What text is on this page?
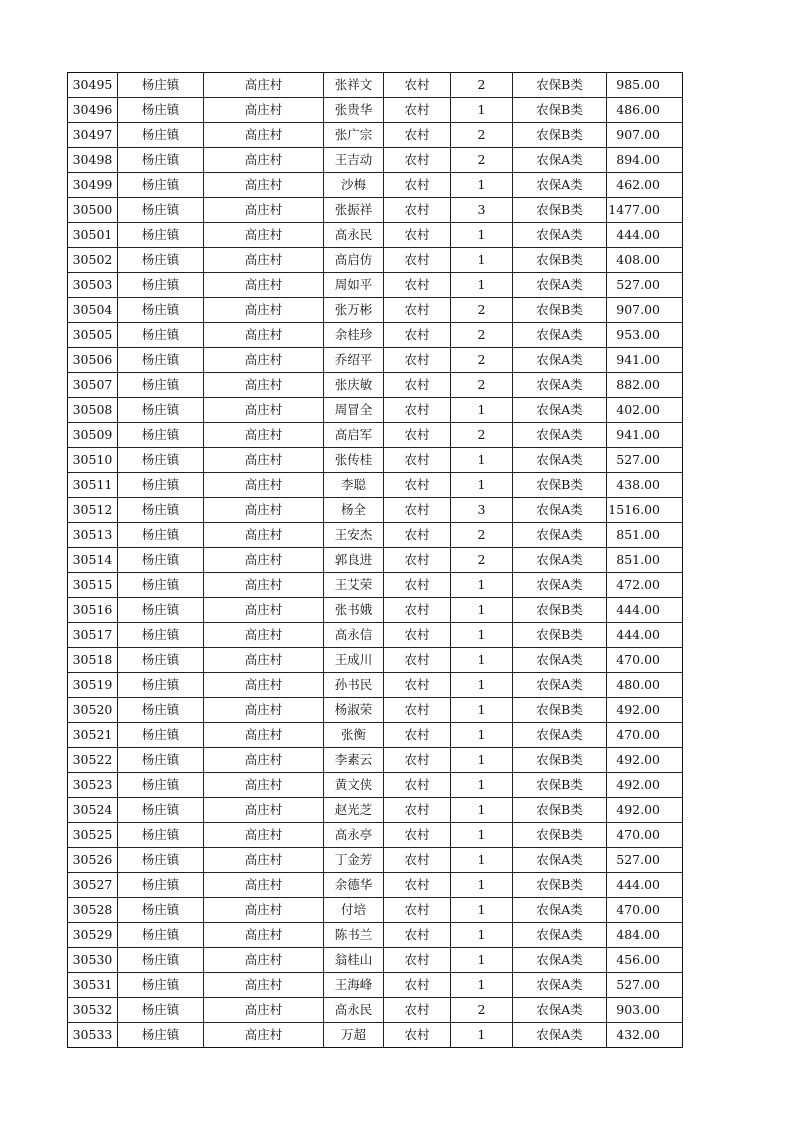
30495	杨庄镇	高庄村	张祥文	农村	2	农保B类	985.00
30496	杨庄镇	高庄村	张贵华	农村	1	农保B类	486.00
30497	杨庄镇	高庄村	张广宗	农村	2	农保B类	907.00
30498	杨庄镇	高庄村	王吉动	农村	2	农保A类	894.00
30499	杨庄镇	高庄村	沙梅	农村	1	农保A类	462.00
30500	杨庄镇	高庄村	张振祥	农村	3	农保B类	1477.00
30501	杨庄镇	高庄村	高永民	农村	1	农保A类	444.00
30502	杨庄镇	高庄村	高启仿	农村	1	农保B类	408.00
30503	杨庄镇	高庄村	周如平	农村	1	农保A类	527.00
30504	杨庄镇	高庄村	张万彬	农村	2	农保B类	907.00
30505	杨庄镇	高庄村	余桂珍	农村	2	农保A类	953.00
30506	杨庄镇	高庄村	乔绍平	农村	2	农保A类	941.00
30507	杨庄镇	高庄村	张庆敏	农村	2	农保A类	882.00
30508	杨庄镇	高庄村	周冒全	农村	1	农保A类	402.00
30509	杨庄镇	高庄村	高启军	农村	2	农保A类	941.00
30510	杨庄镇	高庄村	张传桂	农村	1	农保A类	527.00
30511	杨庄镇	高庄村	李聪	农村	1	农保B类	438.00
30512	杨庄镇	高庄村	杨全	农村	3	农保A类	1516.00
30513	杨庄镇	高庄村	王安杰	农村	2	农保A类	851.00
30514	杨庄镇	高庄村	郭良进	农村	2	农保A类	851.00
30515	杨庄镇	高庄村	王艾荣	农村	1	农保A类	472.00
30516	杨庄镇	高庄村	张书娥	农村	1	农保B类	444.00
30517	杨庄镇	高庄村	高永信	农村	1	农保B类	444.00
30518	杨庄镇	高庄村	王成川	农村	1	农保A类	470.00
30519	杨庄镇	高庄村	孙书民	农村	1	农保A类	480.00
30520	杨庄镇	高庄村	杨淑荣	农村	1	农保B类	492.00
30521	杨庄镇	高庄村	张衡	农村	1	农保A类	470.00
30522	杨庄镇	高庄村	李素云	农村	1	农保B类	492.00
30523	杨庄镇	高庄村	黄文侠	农村	1	农保B类	492.00
30524	杨庄镇	高庄村	赵光芝	农村	1	农保B类	492.00
30525	杨庄镇	高庄村	高永亭	农村	1	农保B类	470.00
30526	杨庄镇	高庄村	丁金芳	农村	1	农保A类	527.00
30527	杨庄镇	高庄村	余德华	农村	1	农保B类	444.00
30528	杨庄镇	高庄村	付培	农村	1	农保A类	470.00
30529	杨庄镇	高庄村	陈书兰	农村	1	农保A类	484.00
30530	杨庄镇	高庄村	翁桂山	农村	1	农保A类	456.00
30531	杨庄镇	高庄村	王海峰	农村	1	农保A类	527.00
30532	杨庄镇	高庄村	高永民	农村	2	农保A类	903.00
30533	杨庄镇	高庄村	万超	农村	1	农保A类	432.00
